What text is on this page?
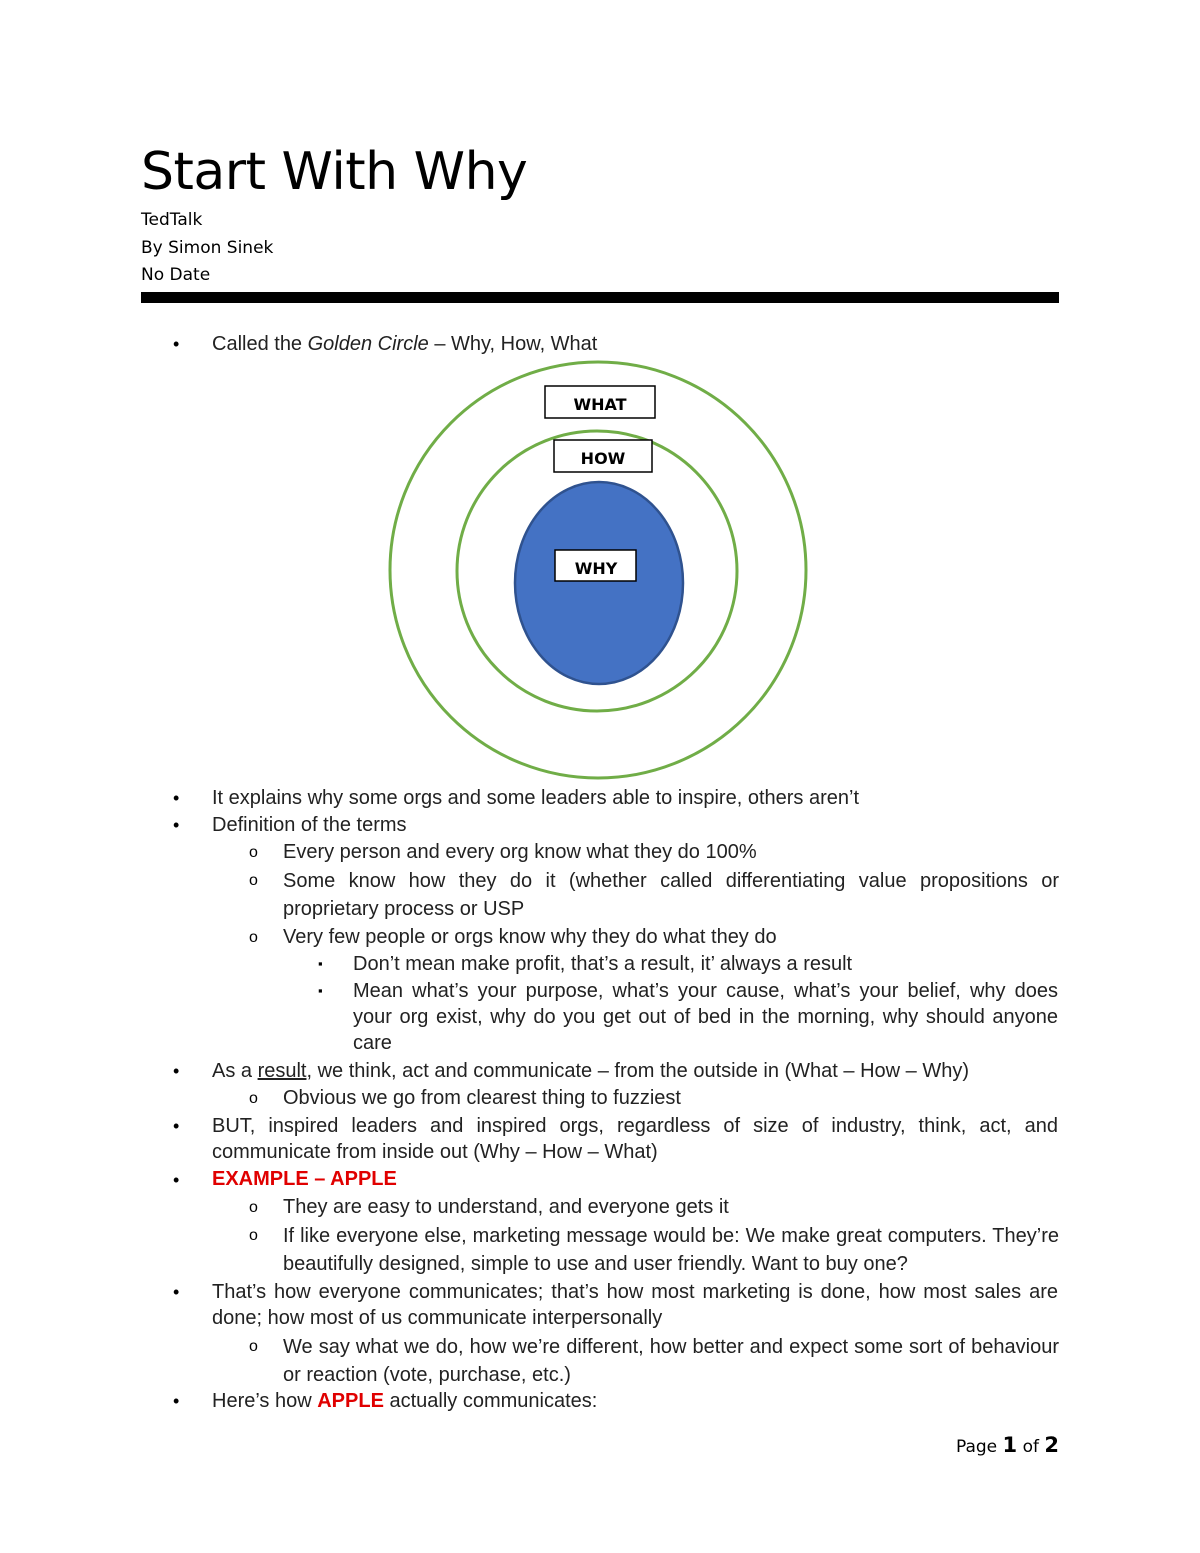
Start With Why
TedTalk
By Simon Sinek
No Date
• Called the Golden Circle – Why, How, What
WHAT
HOW
WHY
• It explains why some orgs and some leaders able to inspire, others aren’t
• Definition of the terms
o Every person and every org know what they do 100%
o Some know how they do it (whether called differentiating value propositions or proprietary process or USP
o Very few people or orgs know why they do what they do
▪ Don’t mean make profit, that’s a result, it’ always a result
▪ Mean what’s your purpose, what’s your cause, what’s your belief, why does your org exist, why do you get out of bed in the morning, why should anyone care
• As a result, we think, act and communicate – from the outside in (What – How – Why)
o Obvious we go from clearest thing to fuzziest
• BUT, inspired leaders and inspired orgs, regardless of size of industry, think, act, and communicate from inside out (Why – How – What)
• EXAMPLE – APPLE
o They are easy to understand, and everyone gets it
o If like everyone else, marketing message would be: We make great computers. They’re beautifully designed, simple to use and user friendly. Want to buy one?
• That’s how everyone communicates; that’s how most marketing is done, how most sales are done; how most of us communicate interpersonally
o We say what we do, how we’re different, how better and expect some sort of behaviour or reaction (vote, purchase, etc.)
• Here’s how APPLE actually communicates:
Page 1 of 2
